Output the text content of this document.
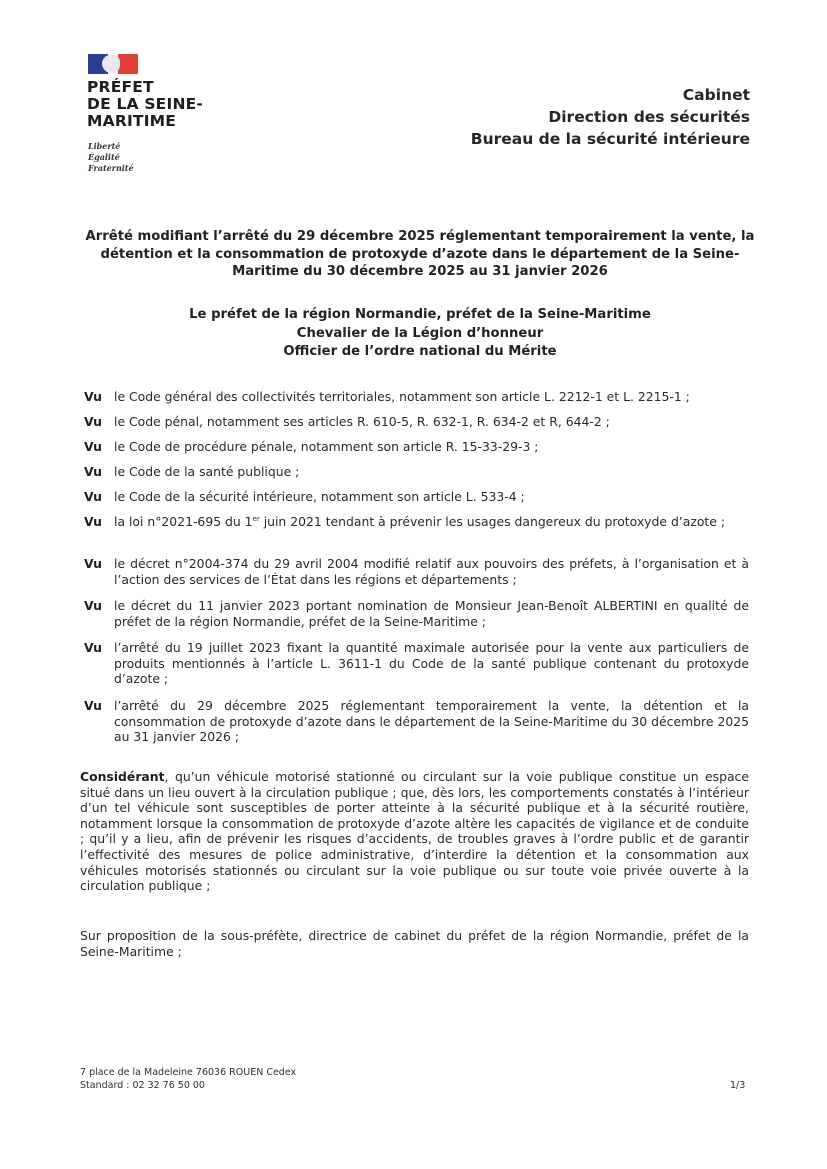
PRÉFET
DE LA SEINE-
MARITIME
Liberté
Égalité
Fraternité
Cabinet
Direction des sécurités
Bureau de la sécurité intérieure
Arrêté modifiant l’arrêté du 29 décembre 2025 réglementant temporairement la vente, la
détention et la consommation de protoxyde d’azote dans le département de la Seine-
Maritime du 30 décembre 2025 au 31 janvier 2026
Le préfet de la région Normandie, préfet de la Seine-Maritime
Chevalier de la Légion d’honneur
Officier de l’ordre national du Mérite
Vu le Code général des collectivités territoriales, notamment son article L. 2212-1 et L. 2215-1 ;
Vu le Code pénal, notamment ses articles R. 610-5, R. 632-1, R. 634-2 et R, 644-2 ;
Vu le Code de procédure pénale, notamment son article R. 15-33-29-3 ;
Vu le Code de la santé publique ;
Vu le Code de la sécurité intérieure, notamment son article L. 533-4 ;
Vu la loi n°2021-695 du 1er juin 2021 tendant à prévenir les usages dangereux du protoxyde d’azote ;
Vu le décret n°2004-374 du 29 avril 2004 modifié relatif aux pouvoirs des préfets, à l’organisation et à l’action des services de l’État dans les régions et départements ;
Vu le décret du 11 janvier 2023 portant nomination de Monsieur Jean-Benoît ALBERTINI en qualité de préfet de la région Normandie, préfet de la Seine-Maritime ;
Vu l’arrêté du 19 juillet 2023 fixant la quantité maximale autorisée pour la vente aux particuliers de produits mentionnés à l’article L. 3611-1 du Code de la santé publique contenant du protoxyde d’azote ;
Vu l’arrêté du 29 décembre 2025 réglementant temporairement la vente, la détention et la consommation de protoxyde d’azote dans le département de la Seine-Maritime du 30 décembre 2025 au 31 janvier 2026 ;
Considérant, qu’un véhicule motorisé stationné ou circulant sur la voie publique constitue un espace situé dans un lieu ouvert à la circulation publique ; que, dès lors, les comportements constatés à l’intérieur d’un tel véhicule sont susceptibles de porter atteinte à la sécurité publique et à la sécurité routière, notamment lorsque la consommation de protoxyde d’azote altère les capacités de vigilance et de conduite ; qu’il y a lieu, afin de prévenir les risques d’accidents, de troubles graves à l’ordre public et de garantir l’effectivité des mesures de police administrative, d’interdire la détention et la consommation aux véhicules motorisés stationnés ou circulant sur la voie publique ou sur toute voie privée ouverte à la circulation publique ;
Sur proposition de la sous-préfète, directrice de cabinet du préfet de la région Normandie, préfet de la Seine-Maritime ;
7 place de la Madeleine 76036 ROUEN Cedex
Standard : 02 32 76 50 00	1/3
